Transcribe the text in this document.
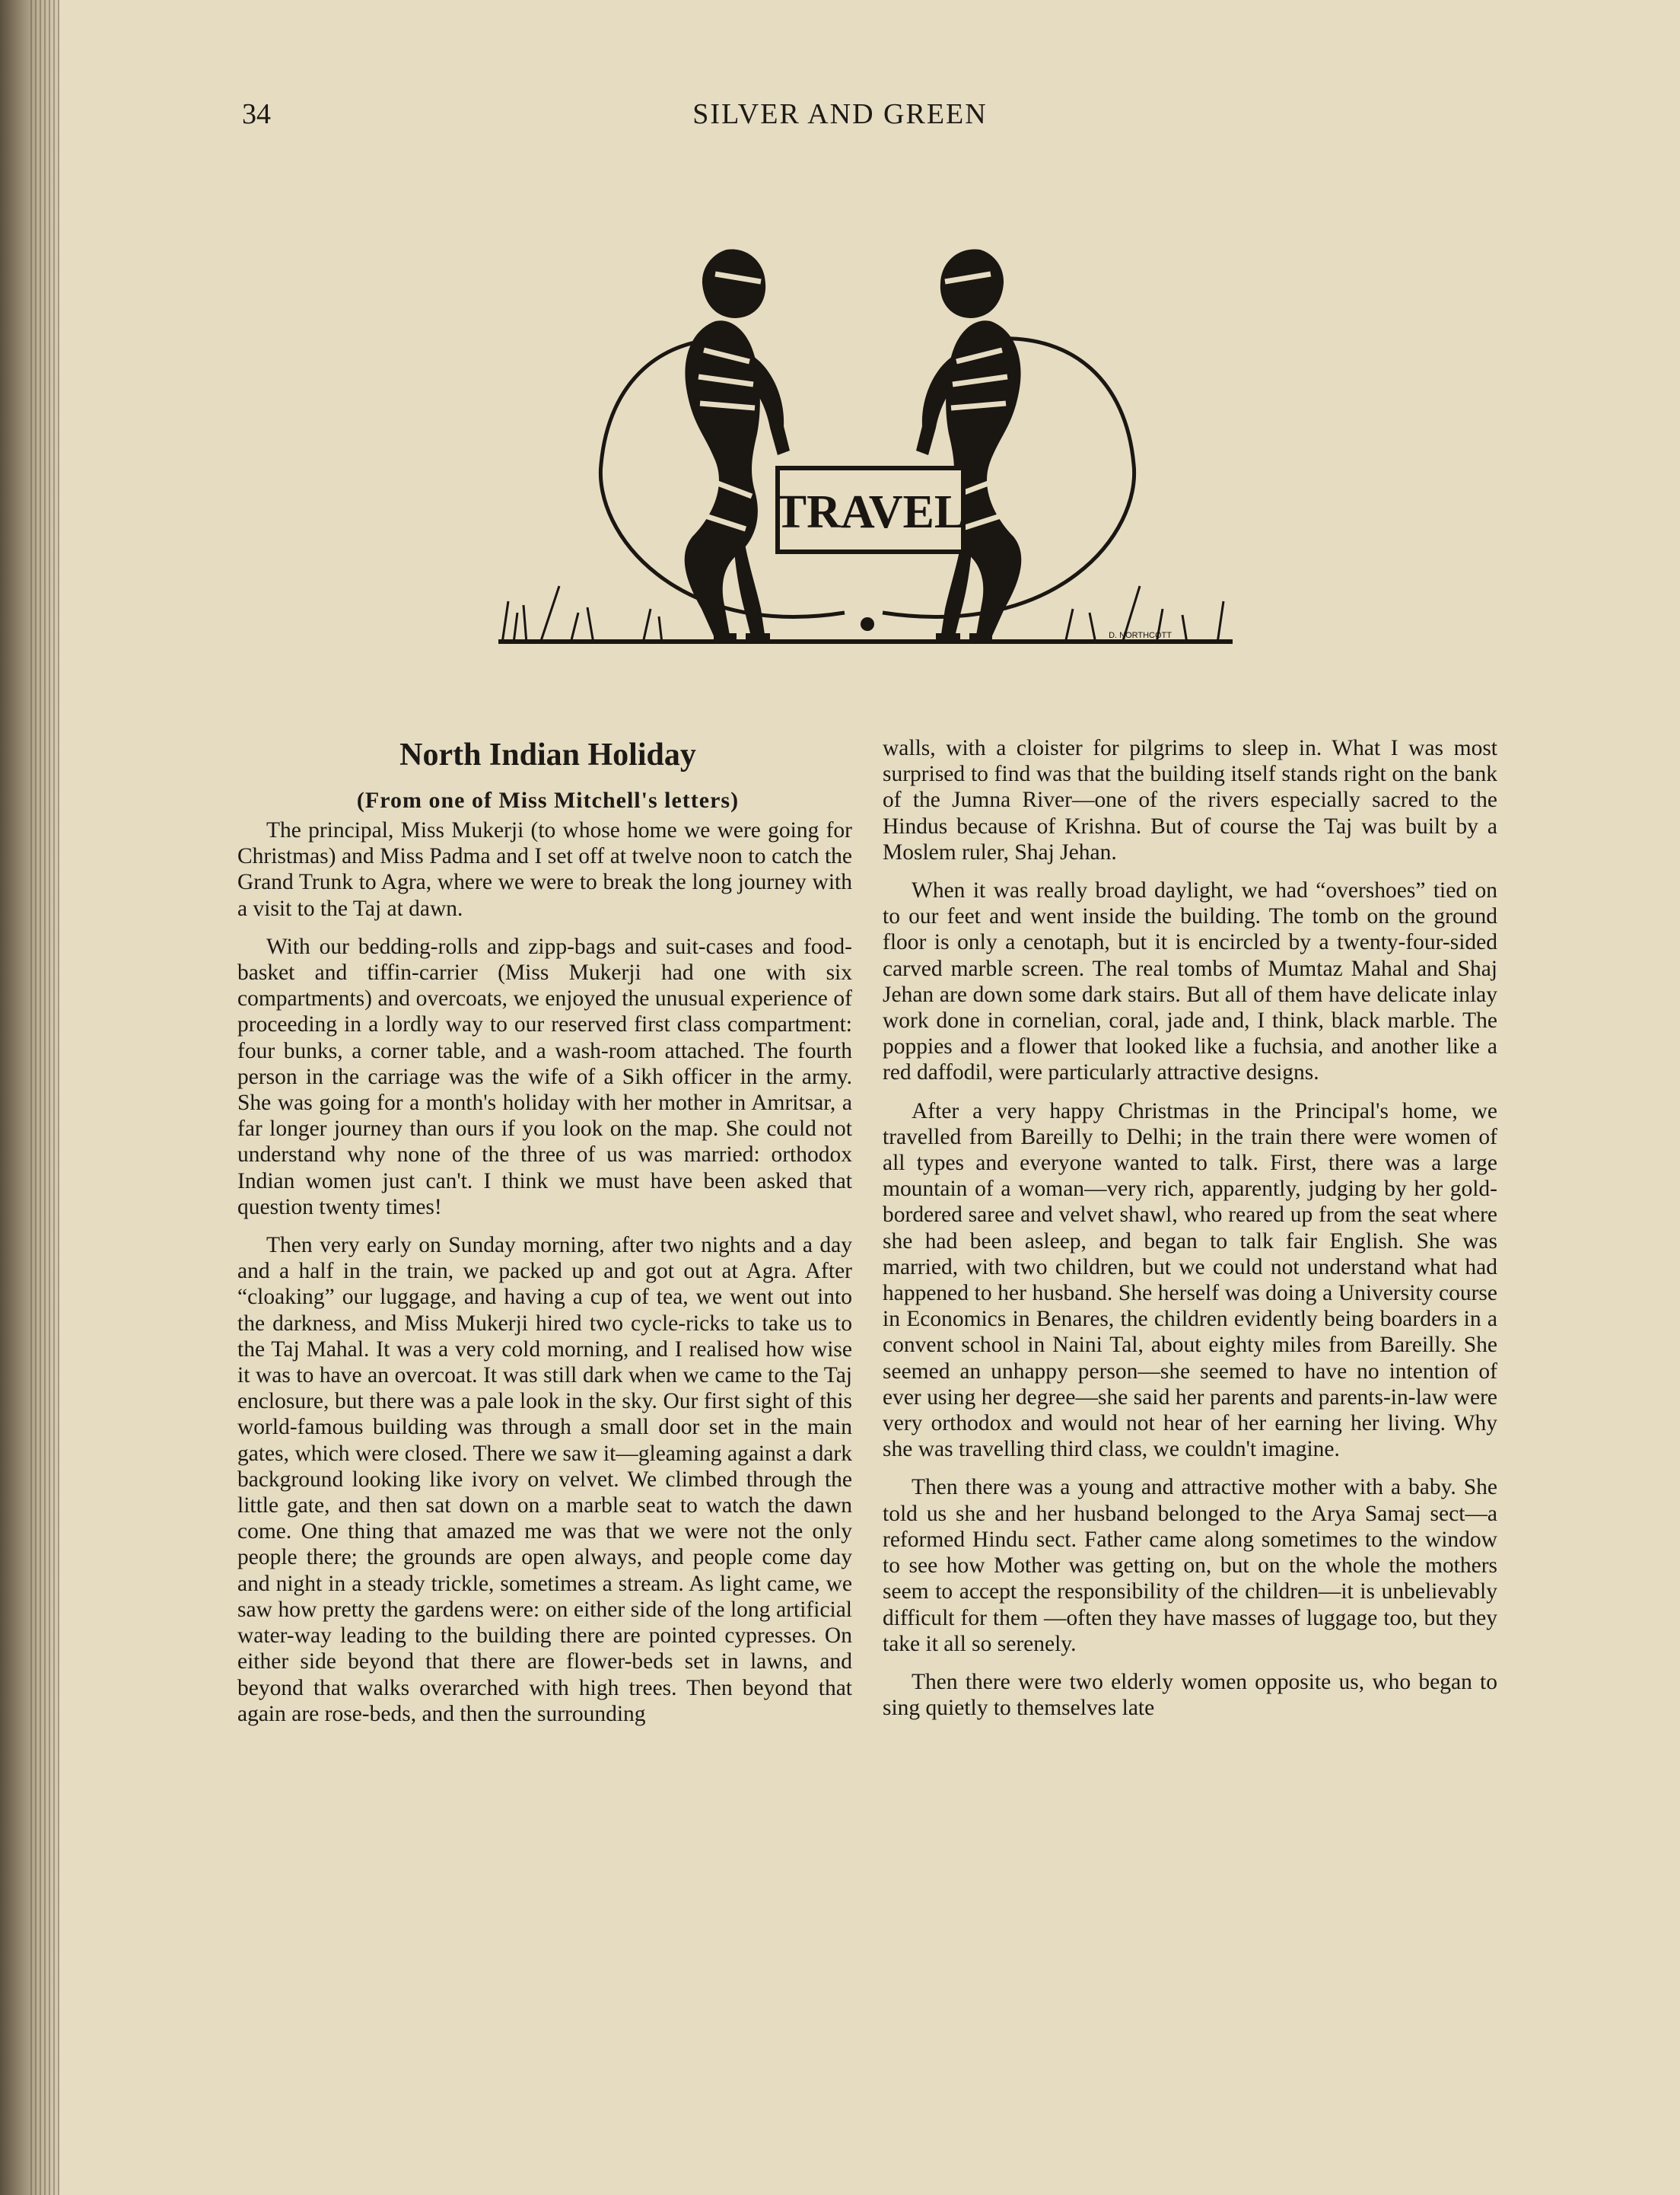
34	SILVER AND GREEN
TRAVEL
D. NORTHCOTT
North Indian Holiday
(From one of Miss Mitchell's letters)

The principal, Miss Mukerji (to whose home we were going for Christmas) and Miss Padma and I set off at twelve noon to catch the Grand Trunk to Agra, where we were to break the long journey with a visit to the Taj at dawn.

With our bedding-rolls and zipp-bags and suit-cases and food-basket and tiffin-carrier (Miss Mukerji had one with six compartments) and overcoats, we enjoyed the unusual experience of proceeding in a lordly way to our reserved first class compartment: four bunks, a corner table, and a wash-room attached. The fourth person in the carriage was the wife of a Sikh officer in the army. She was going for a month's holiday with her mother in Amritsar, a far longer journey than ours if you look on the map. She could not understand why none of the three of us was married: orthodox Indian women just can't. I think we must have been asked that question twenty times!

Then very early on Sunday morning, after two nights and a day and a half in the train, we packed up and got out at Agra. After “cloaking” our luggage, and having a cup of tea, we went out into the darkness, and Miss Mukerji hired two cycle-ricks to take us to the Taj Mahal. It was a very cold morning, and I realised how wise it was to have an overcoat. It was still dark when we came to the Taj enclosure, but there was a pale look in the sky. Our first sight of this world-famous building was through a small door set in the main gates, which were closed. There we saw it—gleaming against a dark background looking like ivory on velvet. We climbed through the little gate, and then sat down on a marble seat to watch the dawn come. One thing that amazed me was that we were not the only people there; the grounds are open always, and people come day and night in a steady trickle, sometimes a stream. As light came, we saw how pretty the gardens were: on either side of the long artificial water-way leading to the building there are pointed cypresses. On either side beyond that there are flower-beds set in lawns, and beyond that walks overarched with high trees. Then beyond that again are rose-beds, and then the surrounding

walls, with a cloister for pilgrims to sleep in. What I was most surprised to find was that the building itself stands right on the bank of the Jumna River—one of the rivers especially sacred to the Hindus because of Krishna. But of course the Taj was built by a Moslem ruler, Shaj Jehan.

When it was really broad daylight, we had “overshoes” tied on to our feet and went inside the building. The tomb on the ground floor is only a cenotaph, but it is encircled by a twenty-four-sided carved marble screen. The real tombs of Mumtaz Mahal and Shaj Jehan are down some dark stairs. But all of them have delicate inlay work done in cornelian, coral, jade and, I think, black marble. The poppies and a flower that looked like a fuchsia, and another like a red daffodil, were particularly attractive designs.

After a very happy Christmas in the Principal's home, we travelled from Bareilly to Delhi; in the train there were women of all types and everyone wanted to talk. First, there was a large mountain of a woman—very rich, apparently, judging by her gold-bordered saree and velvet shawl, who reared up from the seat where she had been asleep, and began to talk fair English. She was married, with two children, but we could not understand what had happened to her husband. She herself was doing a University course in Economics in Benares, the children evidently being boarders in a convent school in Naini Tal, about eighty miles from Bareilly. She seemed an unhappy person—she seemed to have no intention of ever using her degree—she said her parents and parents-in-law were very orthodox and would not hear of her earning her living. Why she was travelling third class, we couldn't imagine.

Then there was a young and attractive mother with a baby. She told us she and her husband belonged to the Arya Samaj sect—a reformed Hindu sect. Father came along sometimes to the window to see how Mother was getting on, but on the whole the mothers seem to accept the responsibility of the children—it is unbelievably difficult for them —often they have masses of luggage too, but they take it all so serenely.

Then there were two elderly women opposite us, who began to sing quietly to themselves late
